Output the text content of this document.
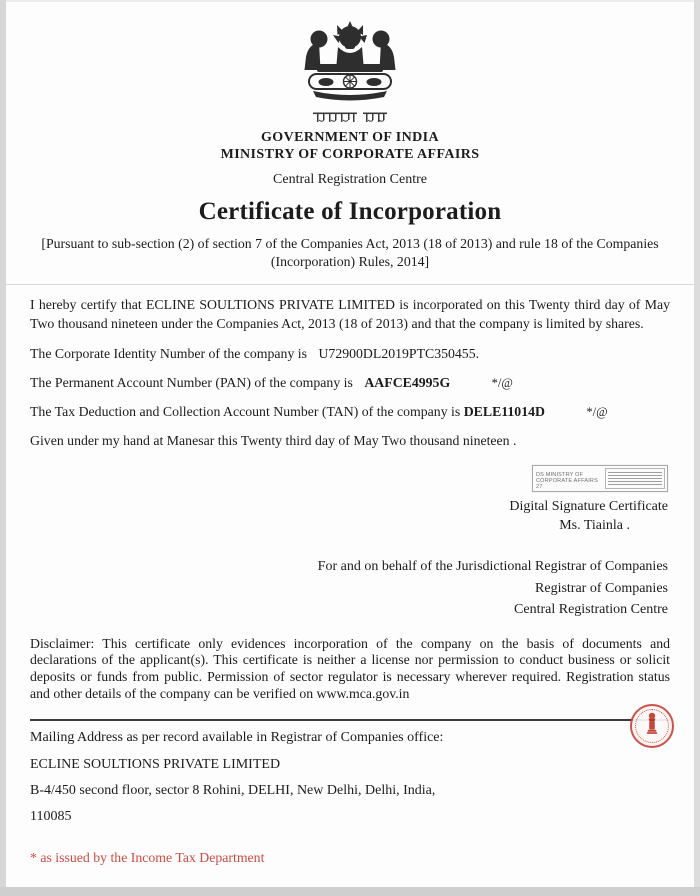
GOVERNMENT OF INDIA
MINISTRY OF CORPORATE AFFAIRS
Central Registration Centre
Certificate of Incorporation
[Pursuant to sub-section (2) of section 7 of the Companies Act, 2013 (18 of 2013) and rule 18 of the Companies (Incorporation) Rules, 2014]

I hereby certify that ECLINE SOULTIONS PRIVATE LIMITED is incorporated on this Twenty third day of May Two thousand nineteen under the Companies Act, 2013 (18 of 2013) and that the company is limited by shares.

The Corporate Identity Number of the company is U72900DL2019PTC350455.
The Permanent Account Number (PAN) of the company is AAFCE4995G	*/@
The Tax Deduction and Collection Account Number (TAN) of the company is DELE11014D	*/@
Given under my hand at Manesar this Twenty third day of May Two thousand nineteen .
DS MINISTRY OF
CORPORATE AFFAIRS 27
Digital Signature Certificate
Ms. Tiainla .
For and on behalf of the Jurisdictional Registrar of Companies
Registrar of Companies
Central Registration Centre

Disclaimer: This certificate only evidences incorporation of the company on the basis of documents and declarations of the applicant(s). This certificate is neither a license nor permission to conduct business or solicit deposits or funds from public. Permission of sector regulator is necessary wherever required. Registration status and other details of the company can be verified on www.mca.gov.in

Mailing Address as per record available in Registrar of Companies office:
ECLINE SOULTIONS PRIVATE LIMITED
B-4/450 second floor, sector 8 Rohini, DELHI, New Delhi, Delhi, India,
110085
* as issued by the Income Tax Department
